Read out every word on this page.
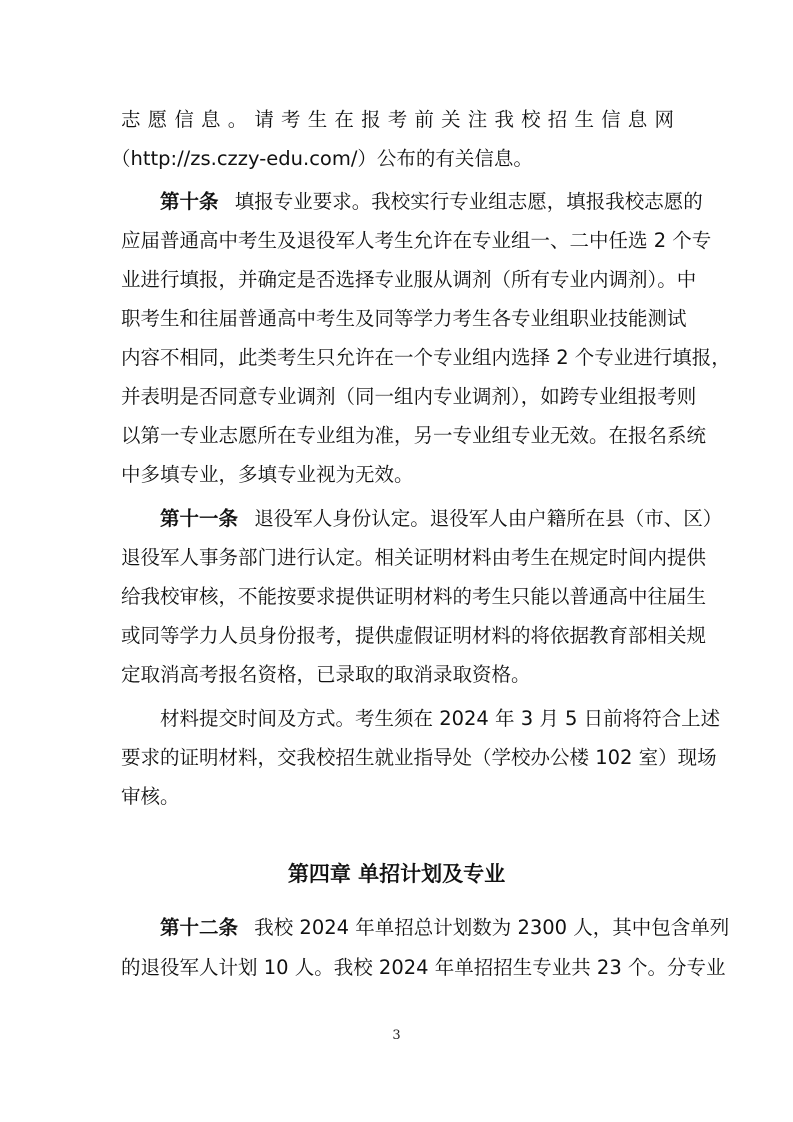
志愿信息。请考生在报考前关注我校招生信息网
（http://zs.czzy-edu.com/）公布的有关信息。
第十条 填报专业要求。我校实行专业组志愿，填报我校志愿的
应届普通高中考生及退役军人考生允许在专业组一、二中任选 2 个专
业进行填报，并确定是否选择专业服从调剂（所有专业内调剂）。中
职考生和往届普通高中考生及同等学力考生各专业组职业技能测试
内容不相同，此类考生只允许在一个专业组内选择 2 个专业进行填报，
并表明是否同意专业调剂（同一组内专业调剂），如跨专业组报考则
以第一专业志愿所在专业组为准，另一专业组专业无效。在报名系统
中多填专业，多填专业视为无效。
第十一条 退役军人身份认定。退役军人由户籍所在县（市、区）
退役军人事务部门进行认定。相关证明材料由考生在规定时间内提供
给我校审核，不能按要求提供证明材料的考生只能以普通高中往届生
或同等学力人员身份报考，提供虚假证明材料的将依据教育部相关规
定取消高考报名资格，已录取的取消录取资格。
材料提交时间及方式。考生须在 2024 年 3 月 5 日前将符合上述
要求的证明材料，交我校招生就业指导处（学校办公楼 102 室）现场
审核。
第四章 单招计划及专业
第十二条 我校 2024 年单招总计划数为 2300 人，其中包含单列
的退役军人计划 10 人。我校 2024 年单招招生专业共 23 个。分专业
3
